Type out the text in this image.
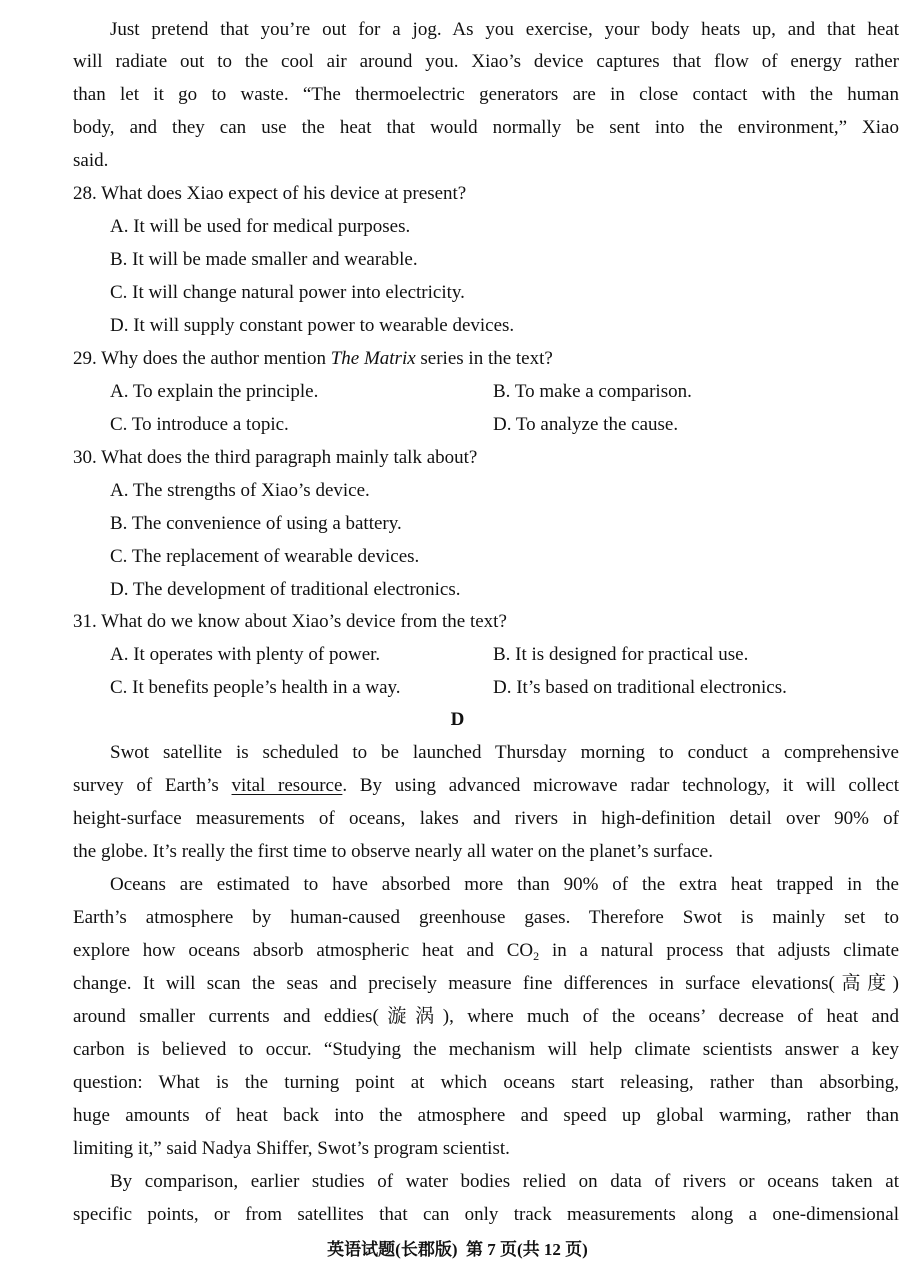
Just pretend that you’re out for a jog. As you exercise, your body heats up, and that heat
will radiate out to the cool air around you. Xiao’s device captures that flow of energy rather
than let it go to waste. “The thermoelectric generators are in close contact with the human
body, and they can use the heat that would normally be sent into the environment,” Xiao
said.
28. What does Xiao expect of his device at present?
A. It will be used for medical purposes.
B. It will be made smaller and wearable.
C. It will change natural power into electricity.
D. It will supply constant power to wearable devices.
29. Why does the author mention The Matrix series in the text?
A. To explain the principle.	B. To make a comparison.
C. To introduce a topic.	D. To analyze the cause.
30. What does the third paragraph mainly talk about?
A. The strengths of Xiao’s device.
B. The convenience of using a battery.
C. The replacement of wearable devices.
D. The development of traditional electronics.
31. What do we know about Xiao’s device from the text?
A. It operates with plenty of power.	B. It is designed for practical use.
C. It benefits people’s health in a way.	D. It’s based on traditional electronics.
D
Swot satellite is scheduled to be launched Thursday morning to conduct a comprehensive
survey of Earth’s vital resource. By using advanced microwave radar technology, it will collect
height-surface measurements of oceans, lakes and rivers in high-definition detail over 90% of
the globe. It’s really the first time to observe nearly all water on the planet’s surface.
Oceans are estimated to have absorbed more than 90% of the extra heat trapped in the
Earth’s atmosphere by human-caused greenhouse gases. Therefore Swot is mainly set to
explore how oceans absorb atmospheric heat and $CO_2$ in a natural process that adjusts climate
change. It will scan the seas and precisely measure fine differences in surface elevations(高度)
around smaller currents and eddies(漩涡), where much of the oceans’ decrease of heat and
carbon is believed to occur. “Studying the mechanism will help climate scientists answer a key
question: What is the turning point at which oceans start releasing, rather than absorbing,
huge amounts of heat back into the atmosphere and speed up global warming, rather than
limiting it,” said Nadya Shiffer, Swot’s program scientist.
By comparison, earlier studies of water bodies relied on data of rivers or oceans taken at
specific points, or from satellites that can only track measurements along a one-dimensional
英语试题(长郡版)  第 7 页(共 12 页)
